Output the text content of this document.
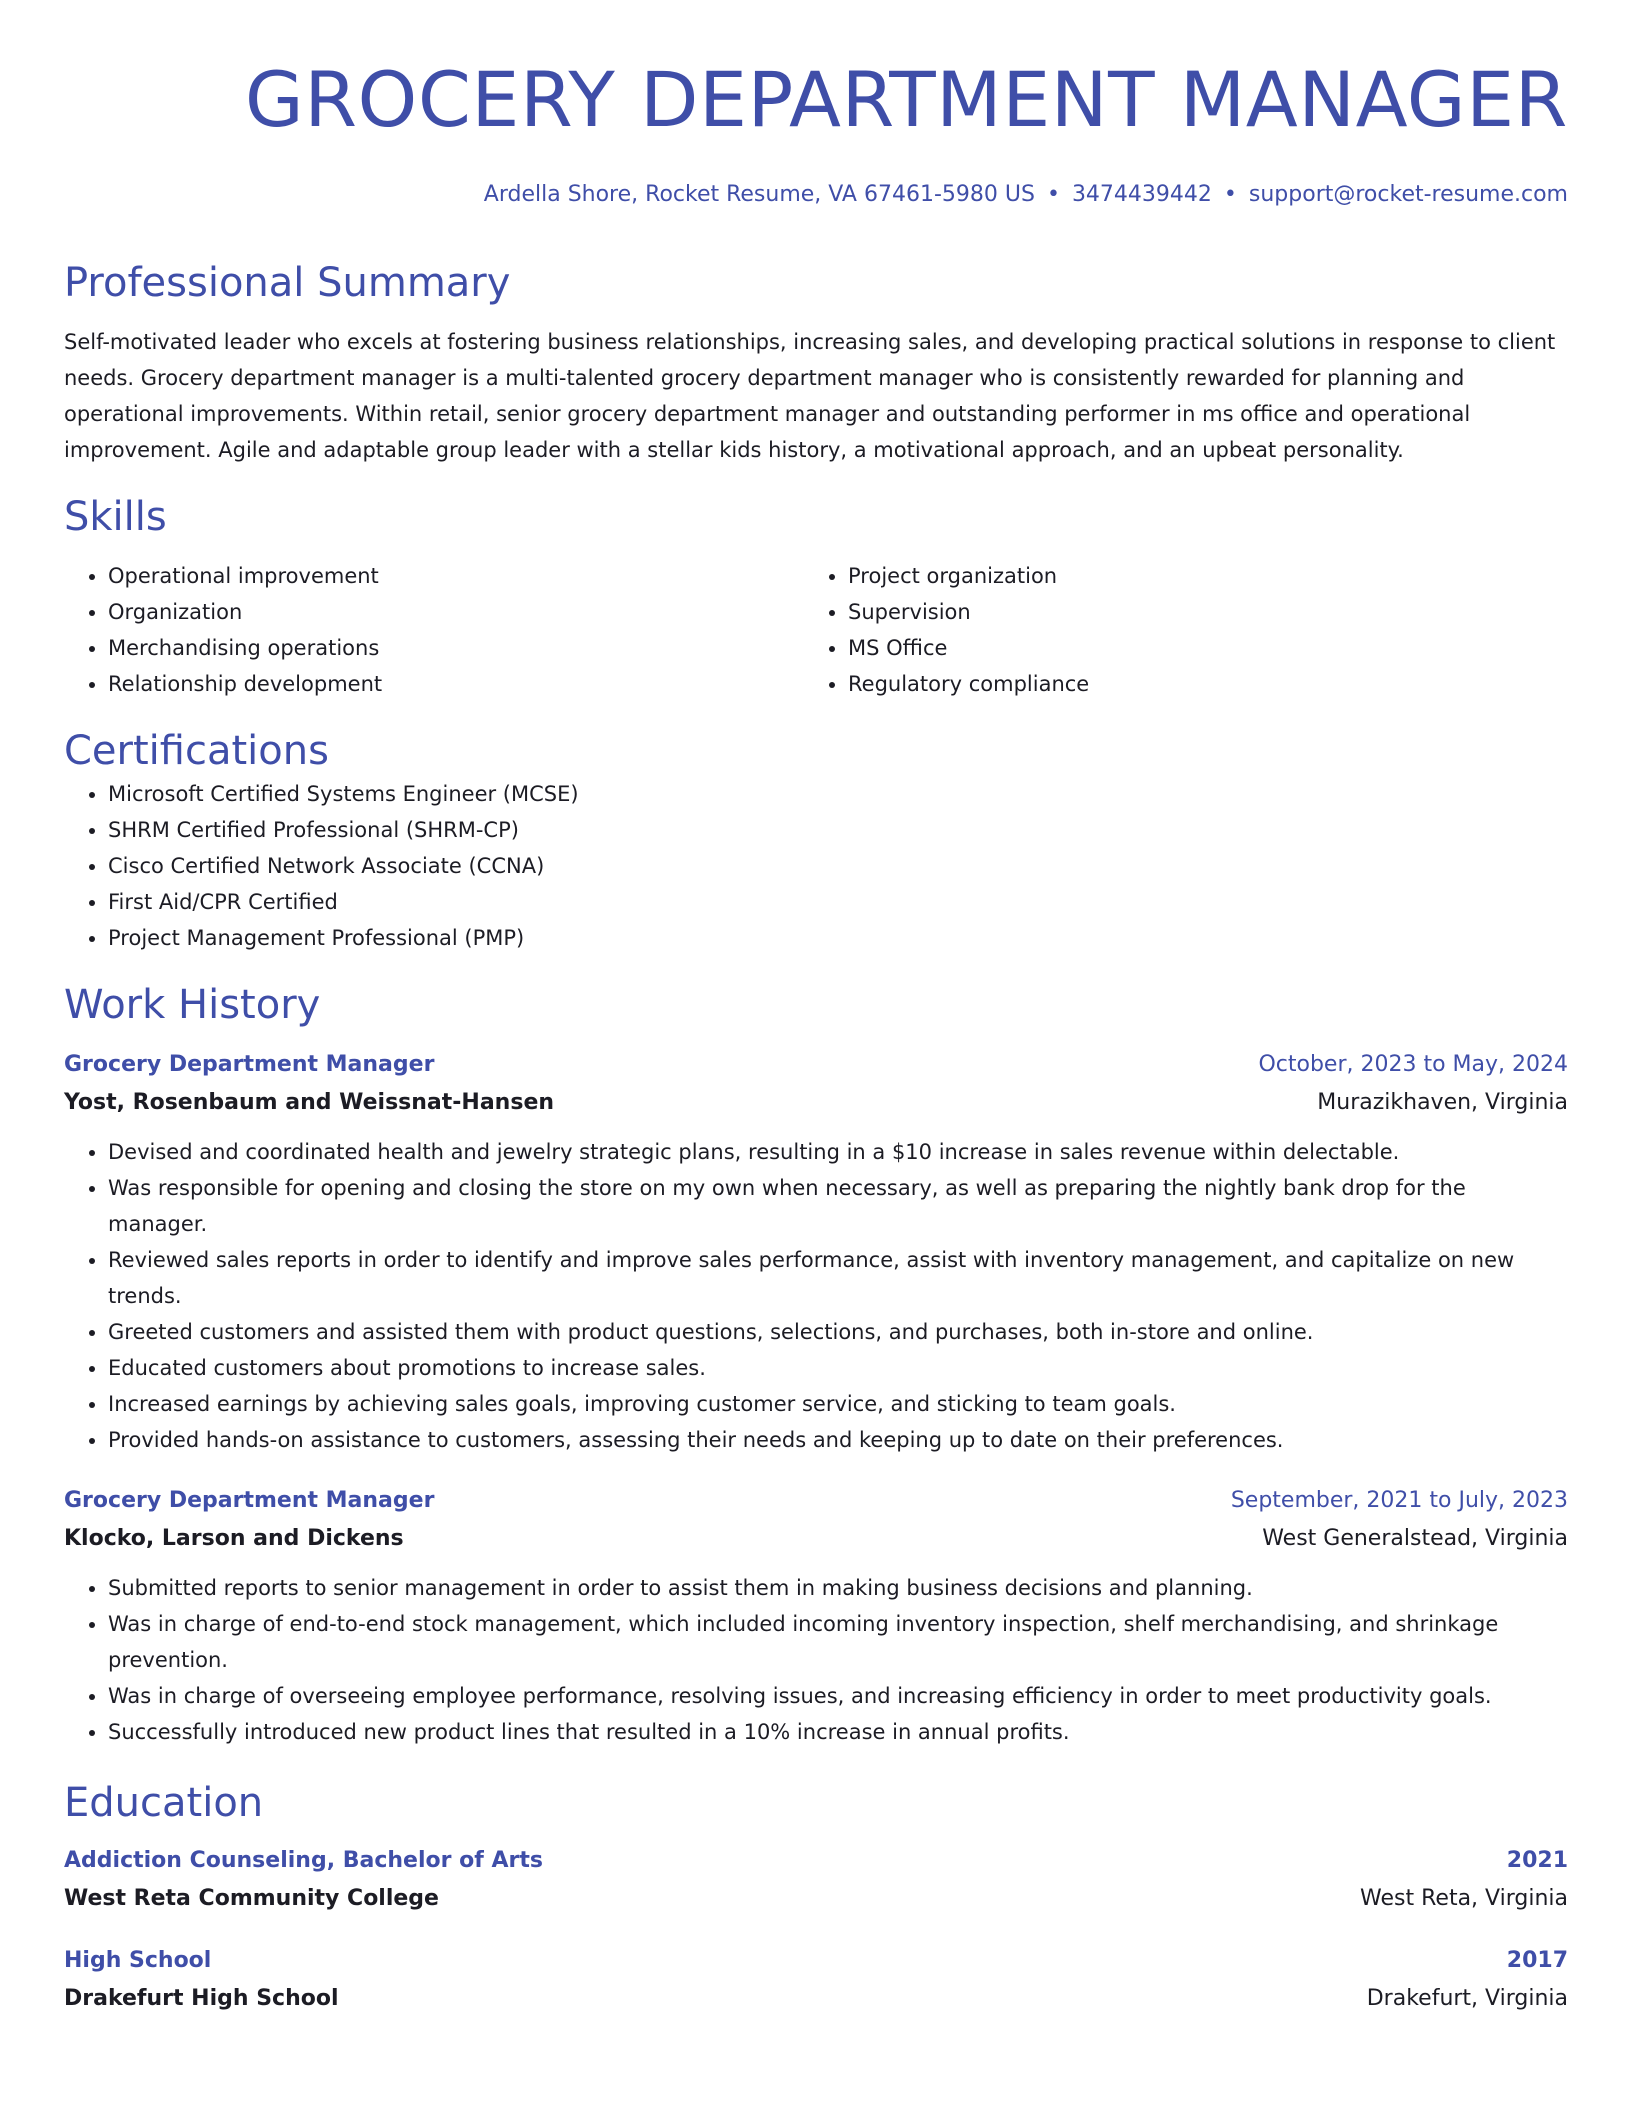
GROCERY DEPARTMENT MANAGER
Ardella Shore, Rocket Resume, VA 67461-5980 US • 3474439442 • support@rocket-resume.com
Professional Summary

Self-motivated leader who excels at fostering business relationships, increasing sales, and developing practical solutions in response to client needs. Grocery department manager is a multi-talented grocery department manager who is consistently rewarded for planning and operational improvements. Within retail, senior grocery department manager and outstanding performer in ms office and operational improvement. Agile and adaptable group leader with a stellar kids history, a motivational approach, and an upbeat personality.

Skills
• Operational improvement
• Organization
• Merchandising operations
• Relationship development
• Project organization
• Supervision
• MS Office
• Regulatory compliance
Certifications
• Microsoft Certified Systems Engineer (MCSE)
• SHRM Certified Professional (SHRM-CP)
• Cisco Certified Network Associate (CCNA)
• First Aid/CPR Certified
• Project Management Professional (PMP)
Work History
Grocery Department Manager	October, 2023 to May, 2024
Yost, Rosenbaum and Weissnat-Hansen	Murazikhaven, Virginia
• Devised and coordinated health and jewelry strategic plans, resulting in a $10 increase in sales revenue within delectable.
• Was responsible for opening and closing the store on my own when necessary, as well as preparing the nightly bank drop for the manager.
• Reviewed sales reports in order to identify and improve sales performance, assist with inventory management, and capitalize on new trends.
• Greeted customers and assisted them with product questions, selections, and purchases, both in-store and online.
• Educated customers about promotions to increase sales.
• Increased earnings by achieving sales goals, improving customer service, and sticking to team goals.
• Provided hands-on assistance to customers, assessing their needs and keeping up to date on their preferences.
Grocery Department Manager	September, 2021 to July, 2023
Klocko, Larson and Dickens	West Generalstead, Virginia
• Submitted reports to senior management in order to assist them in making business decisions and planning.
• Was in charge of end-to-end stock management, which included incoming inventory inspection, shelf merchandising, and shrinkage prevention.
• Was in charge of overseeing employee performance, resolving issues, and increasing efficiency in order to meet productivity goals.
• Successfully introduced new product lines that resulted in a 10% increase in annual profits.
Education
Addiction Counseling, Bachelor of Arts	2021
West Reta Community College	West Reta, Virginia
High School	2017
Drakefurt High School	Drakefurt, Virginia
